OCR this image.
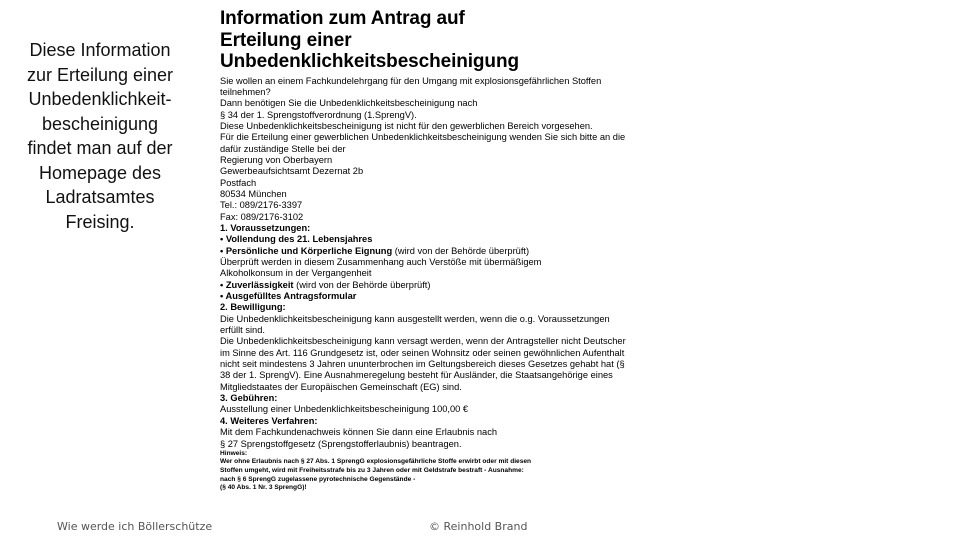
Diese Information
zur Erteilung einer
Unbedenklichkeit-
bescheinigung
findet man auf der
Homepage des
Ladratsamtes
Freising.
Information zum Antrag auf
Erteilung einer
Unbedenklichkeitsbescheinigung
Sie wollen an einem Fachkundelehrgang für den Umgang mit explosionsgefährlichen Stoffen
teilnehmen?
Dann benötigen Sie die Unbedenklichkeitsbescheinigung nach
§ 34 der 1. Sprengstoffverordnung (1.SprengV).
Diese Unbedenklichkeitsbescheinigung ist nicht für den gewerblichen Bereich vorgesehen.
Für die Erteilung einer gewerblichen Unbedenklichkeitsbescheinigung wenden Sie sich bitte an die
dafür zuständige Stelle bei der
Regierung von Oberbayern
Gewerbeaufsichtsamt Dezernat 2b
Postfach
80534 München
Tel.: 089/2176-3397
Fax: 089/2176-3102
1. Voraussetzungen:
• Vollendung des 21. Lebensjahres
• Persönliche und Körperliche Eignung (wird von der Behörde überprüft)
Überprüft werden in diesem Zusammenhang auch Verstöße mit übermäßigem
Alkoholkonsum in der Vergangenheit
• Zuverlässigkeit (wird von der Behörde überprüft)
• Ausgefülltes Antragsformular
2. Bewilligung:
Die Unbedenklichkeitsbescheinigung kann ausgestellt werden, wenn die o.g. Voraussetzungen
erfüllt sind.
Die Unbedenklichkeitsbescheinigung kann versagt werden, wenn der Antragsteller nicht Deutscher
im Sinne des Art. 116 Grundgesetz ist, oder seinen Wohnsitz oder seinen gewöhnlichen Aufenthalt
nicht seit mindestens 3 Jahren ununterbrochen im Geltungsbereich dieses Gesetzes gehabt hat (§
38 der 1. SprengV). Eine Ausnahmeregelung besteht für Ausländer, die Staatsangehörige eines
Mitgliedstaates der Europäischen Gemeinschaft (EG) sind.
3. Gebühren:
Ausstellung einer Unbedenklichkeitsbescheinigung 100,00 €
4. Weiteres Verfahren:
Mit dem Fachkundenachweis können Sie dann eine Erlaubnis nach
§ 27 Sprengstoffgesetz (Sprengstofferlaubnis) beantragen.
Hinweis:
Wer ohne Erlaubnis nach § 27 Abs. 1 SprengG explosionsgefährliche Stoffe erwirbt oder mit diesen
Stoffen umgeht, wird mit Freiheitsstrafe bis zu 3 Jahren oder mit Geldstrafe bestraft - Ausnahme:
nach § 6 SprengG zugelassene pyrotechnische Gegenstände -
(§ 40 Abs. 1 Nr. 3 SprengG)!
Wie werde ich Böllerschütze	© Reinhold Brand
